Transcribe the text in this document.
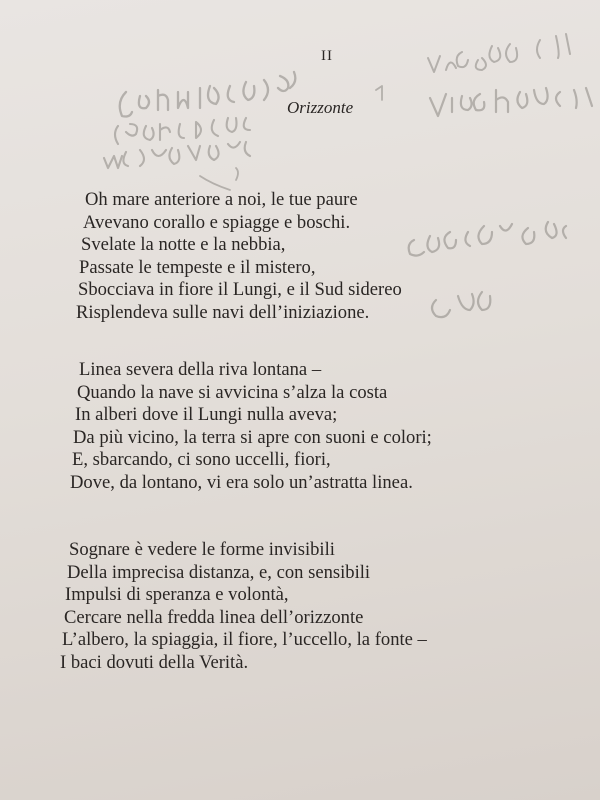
II
Orizzonte
Oh mare anteriore a noi, le tue paure
Avevano corallo e spiagge e boschi.
Svelate la notte e la nebbia,
Passate le tempeste e il mistero,
Sbocciava in fiore il Lungi, e il Sud sidereo
Risplendeva sulle navi dell’iniziazione.
Linea severa della riva lontana –
Quando la nave si avvicina s’alza la costa
In alberi dove il Lungi nulla aveva;
Da più vicino, la terra si apre con suoni e colori;
E, sbarcando, ci sono uccelli, fiori,
Dove, da lontano, vi era solo un’astratta linea.
Sognare è vedere le forme invisibili
Della imprecisa distanza, e, con sensibili
Impulsi di speranza e volontà,
Cercare nella fredda linea dell’orizzonte
L’albero, la spiaggia, il fiore, l’uccello, la fonte –
I baci dovuti della Verità.
